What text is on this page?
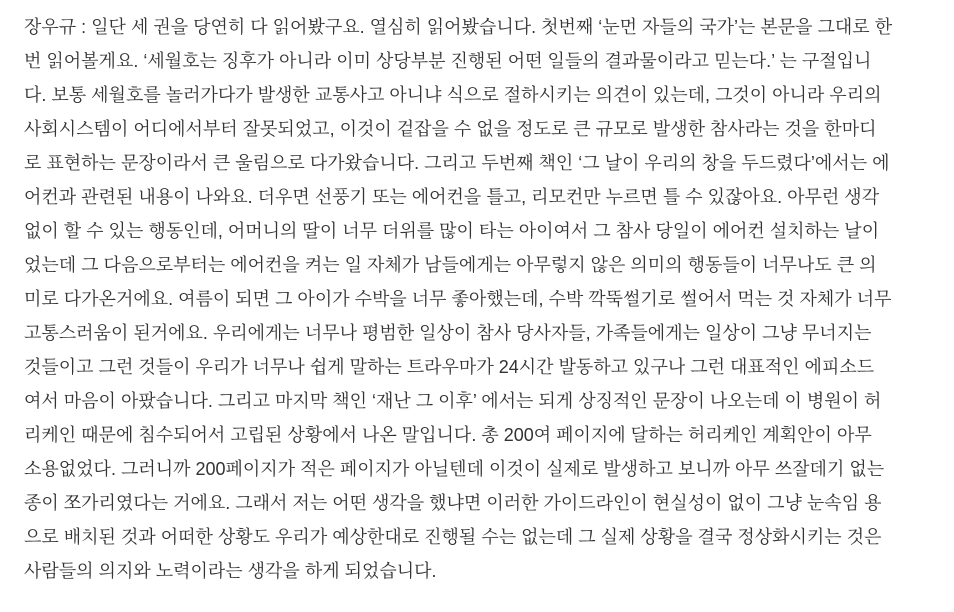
장우규 : 일단 세 권을 당연히 다 읽어봤구요. 열심히 읽어봤습니다. 첫번째 ‘눈먼 자들의 국가’는 본문을 그대로 한
번 읽어볼게요. ‘세월호는 징후가 아니라 이미 상당부분 진행된 어떤 일들의 결과물이라고 믿는다.’ 는 구절입니
다. 보통 세월호를 놀러가다가 발생한 교통사고 아니냐 식으로 절하시키는 의견이 있는데, 그것이 아니라 우리의
사회시스템이 어디에서부터 잘못되었고, 이것이 겉잡을 수 없을 정도로 큰 규모로 발생한 참사라는 것을 한마디
로 표현하는 문장이라서 큰 울림으로 다가왔습니다. 그리고 두번째 책인 ‘그 날이 우리의 창을 두드렸다’에서는 에
어컨과 관련된 내용이 나와요. 더우면 선풍기 또는 에어컨을 틀고, 리모컨만 누르면 틀 수 있잖아요. 아무런 생각
없이 할 수 있는 행동인데, 어머니의 딸이 너무 더위를 많이 타는 아이여서 그 참사 당일이 에어컨 설치하는 날이
었는데 그 다음으로부터는 에어컨을 켜는 일 자체가 남들에게는 아무렇지 않은 의미의 행동들이 너무나도 큰 의
미로 다가온거에요. 여름이 되면 그 아이가 수박을 너무 좋아했는데, 수박 깍뚝썰기로 썰어서 먹는 것 자체가 너무
고통스러움이 된거에요. 우리에게는 너무나 평범한 일상이 참사 당사자들, 가족들에게는 일상이 그냥 무너지는
것들이고 그런 것들이 우리가 너무나 쉽게 말하는 트라우마가 24시간 발동하고 있구나 그런 대표적인 에피소드
여서 마음이 아팠습니다. 그리고 마지막 책인 ‘재난 그 이후’ 에서는 되게 상징적인 문장이 나오는데 이 병원이 허
리케인 때문에 침수되어서 고립된 상황에서 나온 말입니다. 총 200여 페이지에 달하는 허리케인 계획안이 아무
소용없었다. 그러니까 200페이지가 적은 페이지가 아닐텐데 이것이 실제로 발생하고 보니까 아무 쓰잘데기 없는
종이 쪼가리였다는 거에요. 그래서 저는 어떤 생각을 했냐면 이러한 가이드라인이 현실성이 없이 그냥 눈속임 용
으로 배치된 것과 어떠한 상황도 우리가 예상한대로 진행될 수는 없는데 그 실제 상황을 결국 정상화시키는 것은
사람들의 의지와 노력이라는 생각을 하게 되었습니다.
